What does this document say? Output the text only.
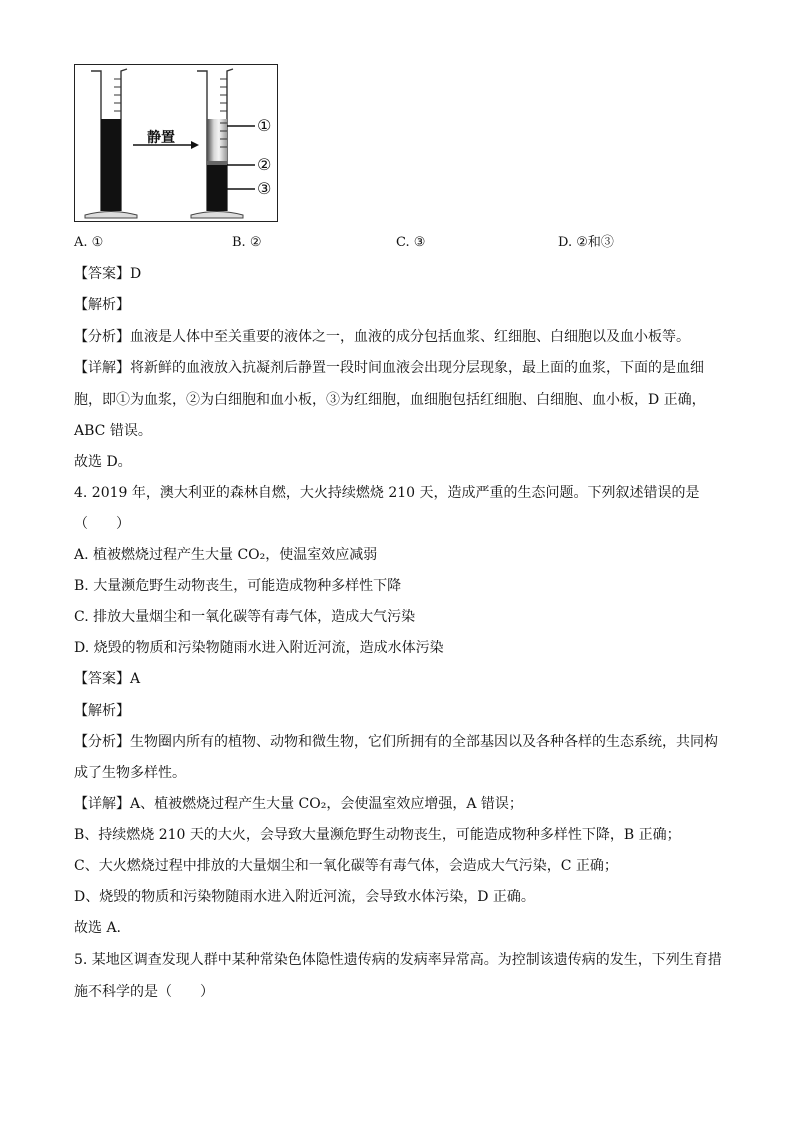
静置
①
②
③
A. ①	B. ②	C. ③	D. ②和③
【答案】D
【解析】
【分析】血液是人体中至关重要的液体之一，血液的成分包括血浆、红细胞、白细胞以及血小板等。
【详解】将新鲜的血液放入抗凝剂后静置一段时间血液会出现分层现象，最上面的血浆，下面的是血细
胞，即①为血浆，②为白细胞和血小板，③为红细胞，血细胞包括红细胞、白细胞、血小板，D 正确，
ABC 错误。
故选 D。
4. 2019 年，澳大利亚的森林自燃，大火持续燃烧 210 天，造成严重的生态问题。下列叙述错误的是
（　　）
A. 植被燃烧过程产生大量 CO₂，使温室效应减弱
B. 大量濒危野生动物丧生，可能造成物种多样性下降
C. 排放大量烟尘和一氧化碳等有毒气体，造成大气污染
D. 烧毁的物质和污染物随雨水进入附近河流，造成水体污染
【答案】A
【解析】
【分析】生物圈内所有的植物、动物和微生物，它们所拥有的全部基因以及各种各样的生态系统，共同构
成了生物多样性。
【详解】A、植被燃烧过程产生大量 CO₂，会使温室效应增强，A 错误；
B、持续燃烧 210 天的大火，会导致大量濒危野生动物丧生，可能造成物种多样性下降，B 正确；
C、大火燃烧过程中排放的大量烟尘和一氧化碳等有毒气体，会造成大气污染，C 正确；
D、烧毁的物质和污染物随雨水进入附近河流，会导致水体污染，D 正确。
故选 A.
5. 某地区调查发现人群中某种常染色体隐性遗传病的发病率异常高。为控制该遗传病的发生，下列生育措
施不科学的是（　　）
